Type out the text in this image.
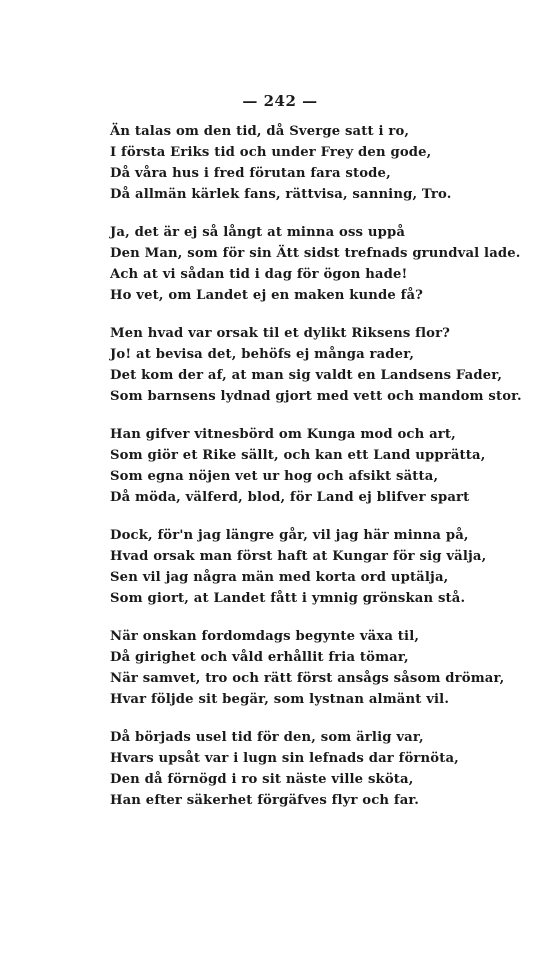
— 242 —
Än talas om den tid, då Sverge satt i ro,
I första Eriks tid och under Frey den gode,
Då våra hus i fred förutan fara stode,
Då allmän kärlek fans, rättvisa, sanning, Tro.
Ja, det är ej så långt at minna oss uppå
Den Man, som för sin Ätt sidst trefnads grundval lade.
Ach at vi sådan tid i dag för ögon hade!
Ho vet, om Landet ej en maken kunde få?
Men hvad var orsak til et dylikt Riksens flor?
Jo! at bevisa det, behöfs ej många rader,
Det kom der af, at man sig valdt en Landsens Fader,
Som barnsens lydnad gjort med vett och mandom stor.
Han gifver vitnesbörd om Kunga mod och art,
Som giör et Rike sällt, och kan ett Land upprätta,
Som egna nöjen vet ur hog och afsikt sätta,
Då möda, välferd, blod, för Land ej blifver spart
Dock, för'n jag längre går, vil jag här minna på,
Hvad orsak man först haft at Kungar för sig välja,
Sen vil jag några män med korta ord uptälja,
Som giort, at Landet fått i ymnig grönskan stå.
När onskan fordomdags begynte växa til,
Då girighet och våld erhållit fria tömar,
När samvet, tro och rätt först ansågs såsom drömar,
Hvar följde sit begär, som lystnan almänt vil.
Då börjads usel tid för den, som ärlig var,
Hvars upsåt var i lugn sin lefnads dar förnöta,
Den då förnögd i ro sit näste ville sköta,
Han efter säkerhet förgäfves flyr och far.
